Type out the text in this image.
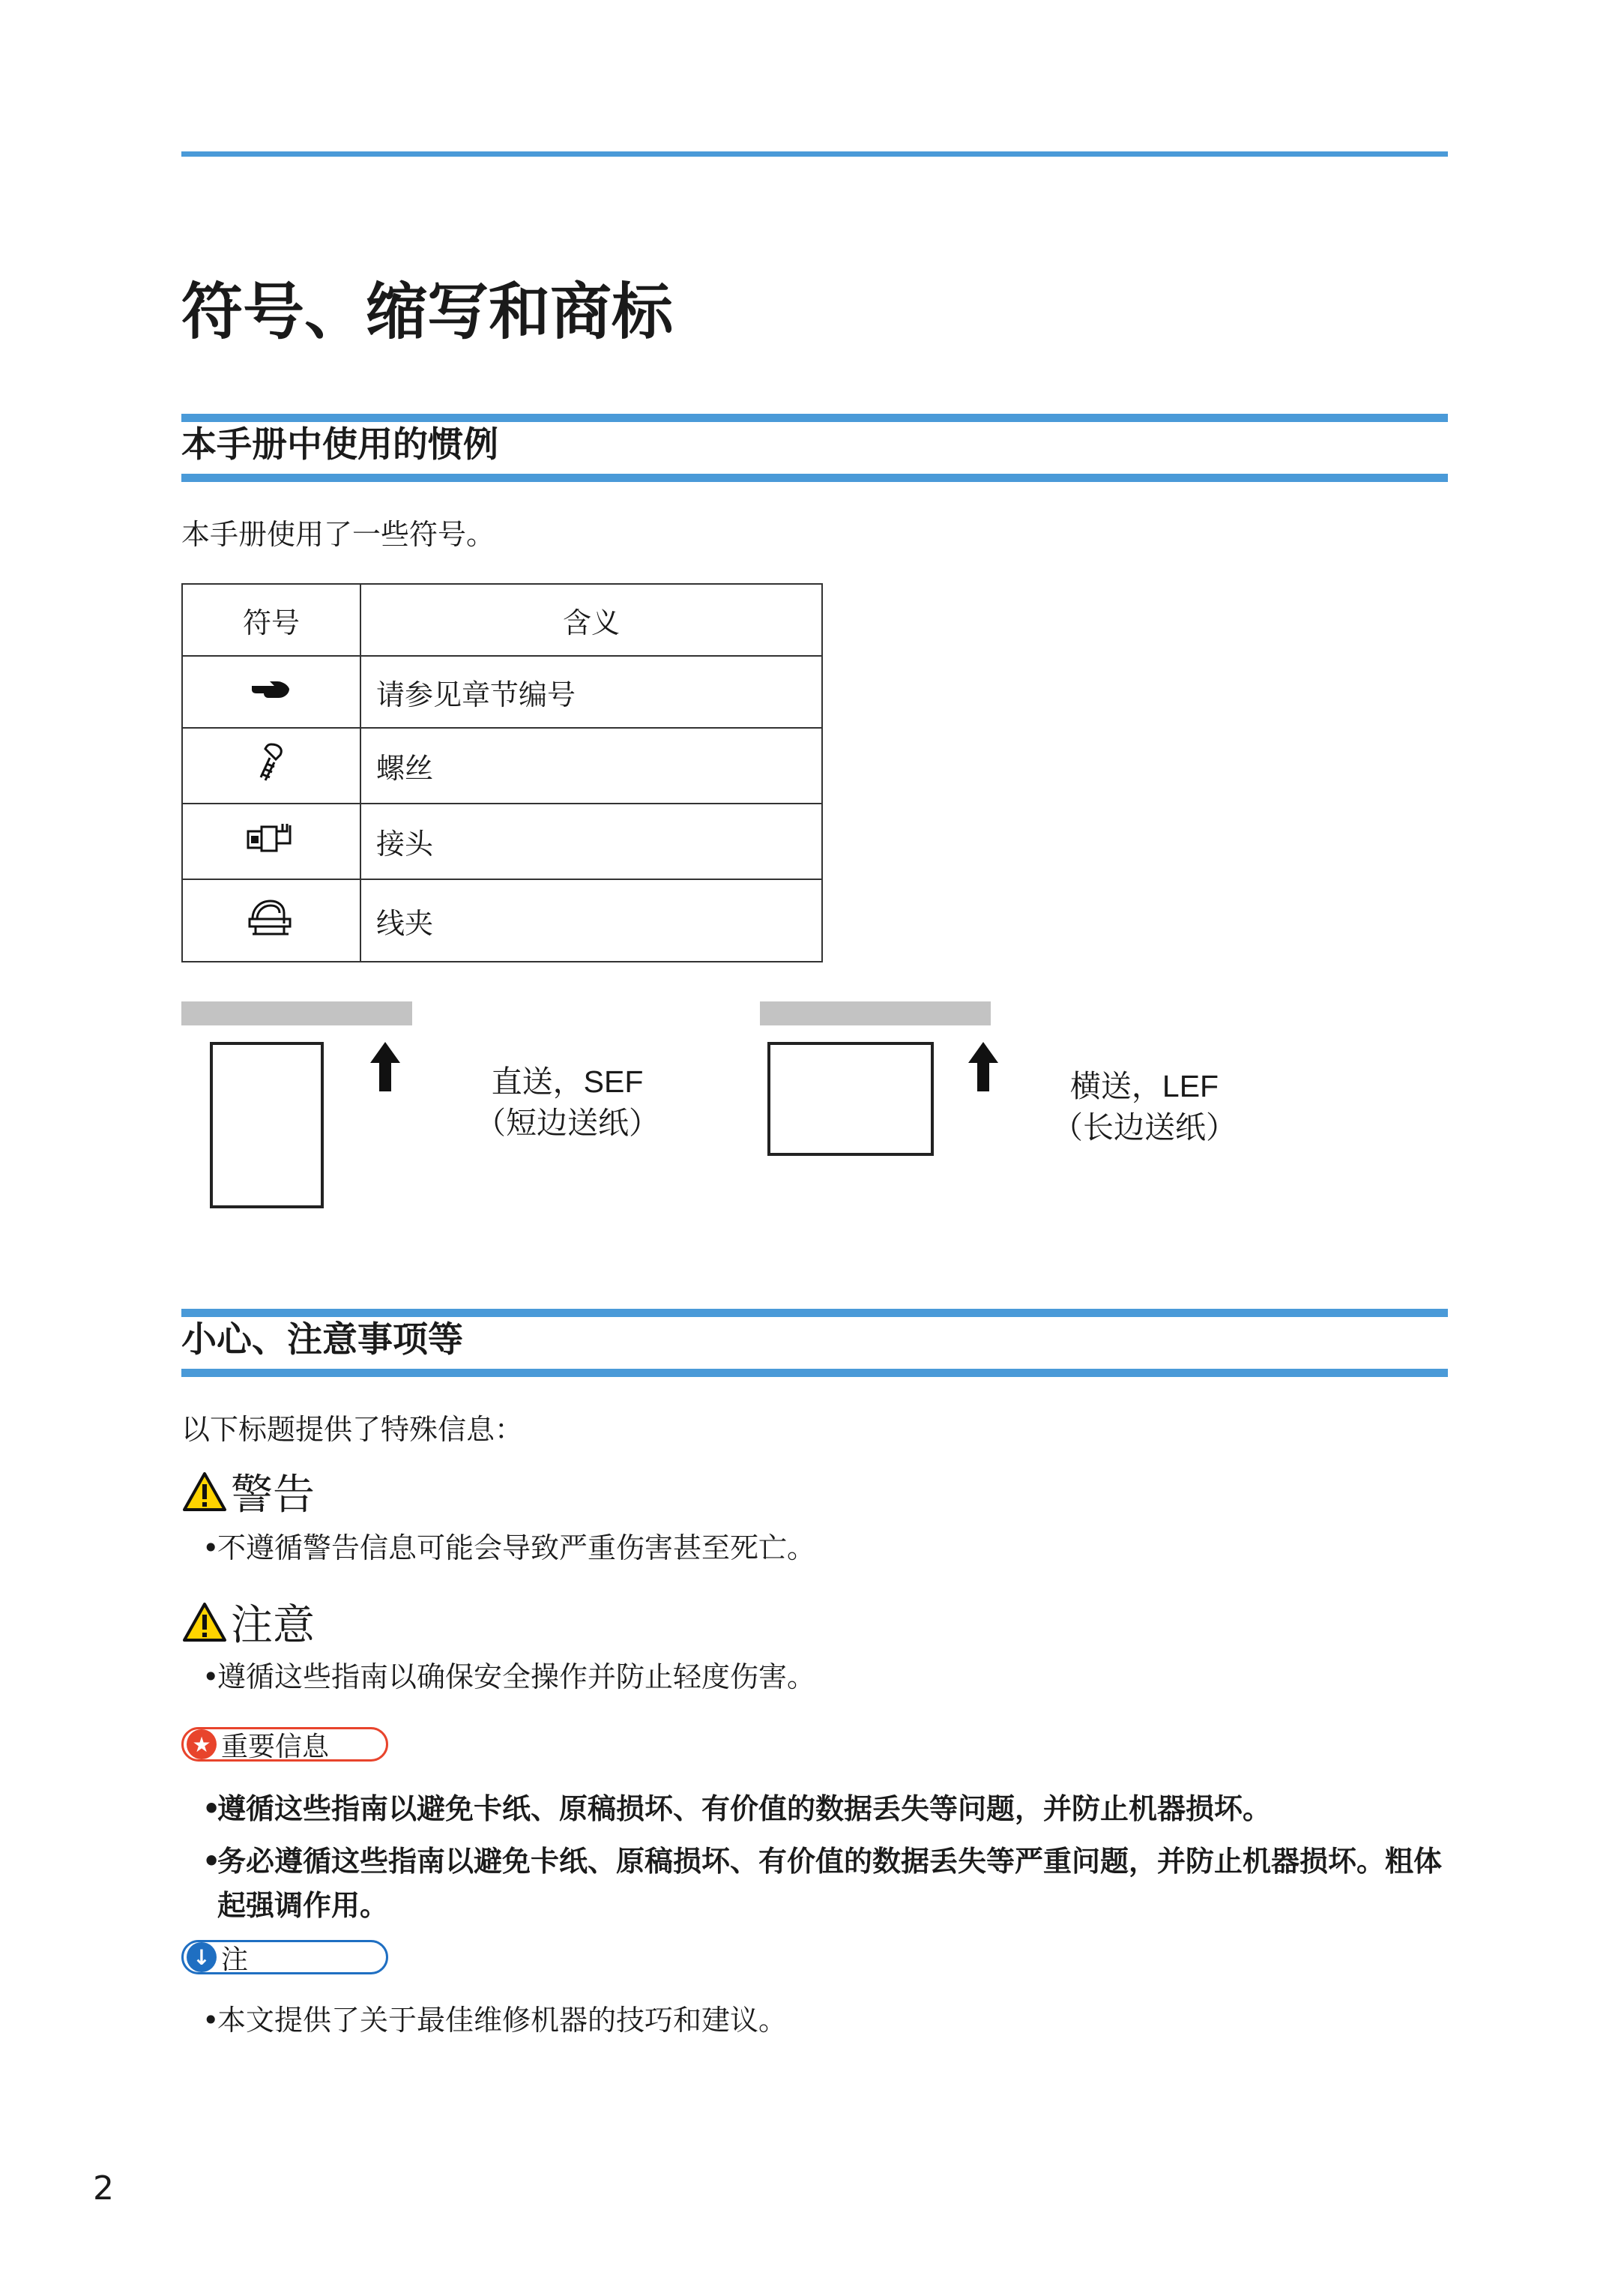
符号、缩写和商标
本手册中使用的惯例
本手册使用了一些符号。
符号	含义
	请参见章节编号
	螺丝
	接头
	线夹
直送，SEF
（短边送纸）
横送，LEF
（长边送纸）
小心、注意事项等
以下标题提供了特殊信息：
警告
• 不遵循警告信息可能会导致严重伤害甚至死亡。
注意
• 遵循这些指南以确保安全操作并防止轻度伤害。
★ 重要信息
• 遵循这些指南以避免卡纸、原稿损坏、有价值的数据丢失等问题，并防止机器损坏。
• 务必遵循这些指南以避免卡纸、原稿损坏、有价值的数据丢失等严重问题，并防止机器损坏。粗体起强调作用。
↓ 注
• 本文提供了关于最佳维修机器的技巧和建议。
2
